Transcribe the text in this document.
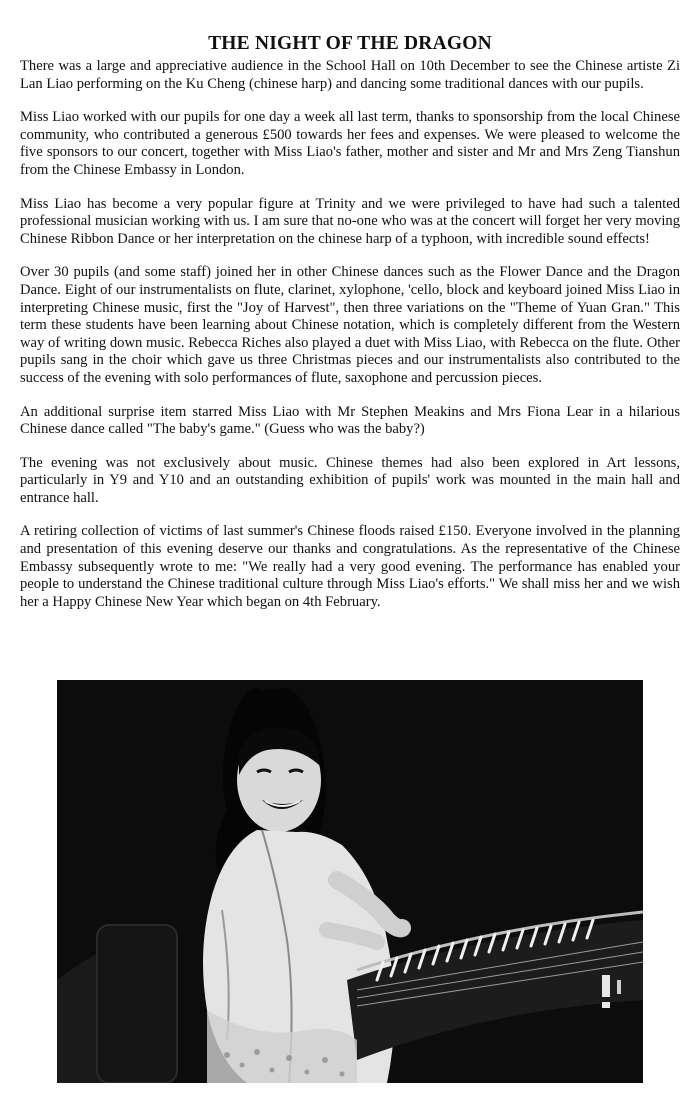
THE NIGHT OF THE DRAGON

There was a large and appreciative audience in the School Hall on 10th December to see the Chinese artiste Zi Lan Liao performing on the Ku Cheng (chinese harp) and dancing some traditional dances with our pupils.

Miss Liao worked with our pupils for one day a week all last term, thanks to sponsorship from the local Chinese community, who contributed a generous £500 towards her fees and expenses. We were pleased to welcome the five sponsors to our concert, together with Miss Liao's father, mother and sister and Mr and Mrs Zeng Tianshun from the Chinese Embassy in London.

Miss Liao has become a very popular figure at Trinity and we were privileged to have had such a talented professional musician working with us. I am sure that no-one who was at the concert will forget her very moving Chinese Ribbon Dance or her interpretation on the chinese harp of a typhoon, with incredible sound effects!

Over 30 pupils (and some staff) joined her in other Chinese dances such as the Flower Dance and the Dragon Dance. Eight of our instrumentalists on flute, clarinet, xylophone, 'cello, block and keyboard joined Miss Liao in interpreting Chinese music, first the "Joy of Harvest", then three variations on the "Theme of Yuan Gran." This term these students have been learning about Chinese notation, which is completely different from the Western way of writing down music. Rebecca Riches also played a duet with Miss Liao, with Rebecca on the flute. Other pupils sang in the choir which gave us three Christmas pieces and our instrumentalists also contributed to the success of the evening with solo performances of flute, saxophone and percussion pieces.

An additional surprise item starred Miss Liao with Mr Stephen Meakins and Mrs Fiona Lear in a hilarious Chinese dance called "The baby's game." (Guess who was the baby?)

The evening was not exclusively about music. Chinese themes had also been explored in Art lessons, particularly in Y9 and Y10 and an outstanding exhibition of pupils' work was mounted in the main hall and entrance hall.

A retiring collection of victims of last summer's Chinese floods raised £150. Everyone involved in the planning and presentation of this evening deserve our thanks and congratulations. As the representative of the Chinese Embassy subsequently wrote to me: "We really had a very good evening. The performance has enabled your people to understand the Chinese traditional culture through Miss Liao's efforts." We shall miss her and we wish her a Happy Chinese New Year which began on 4th February.
